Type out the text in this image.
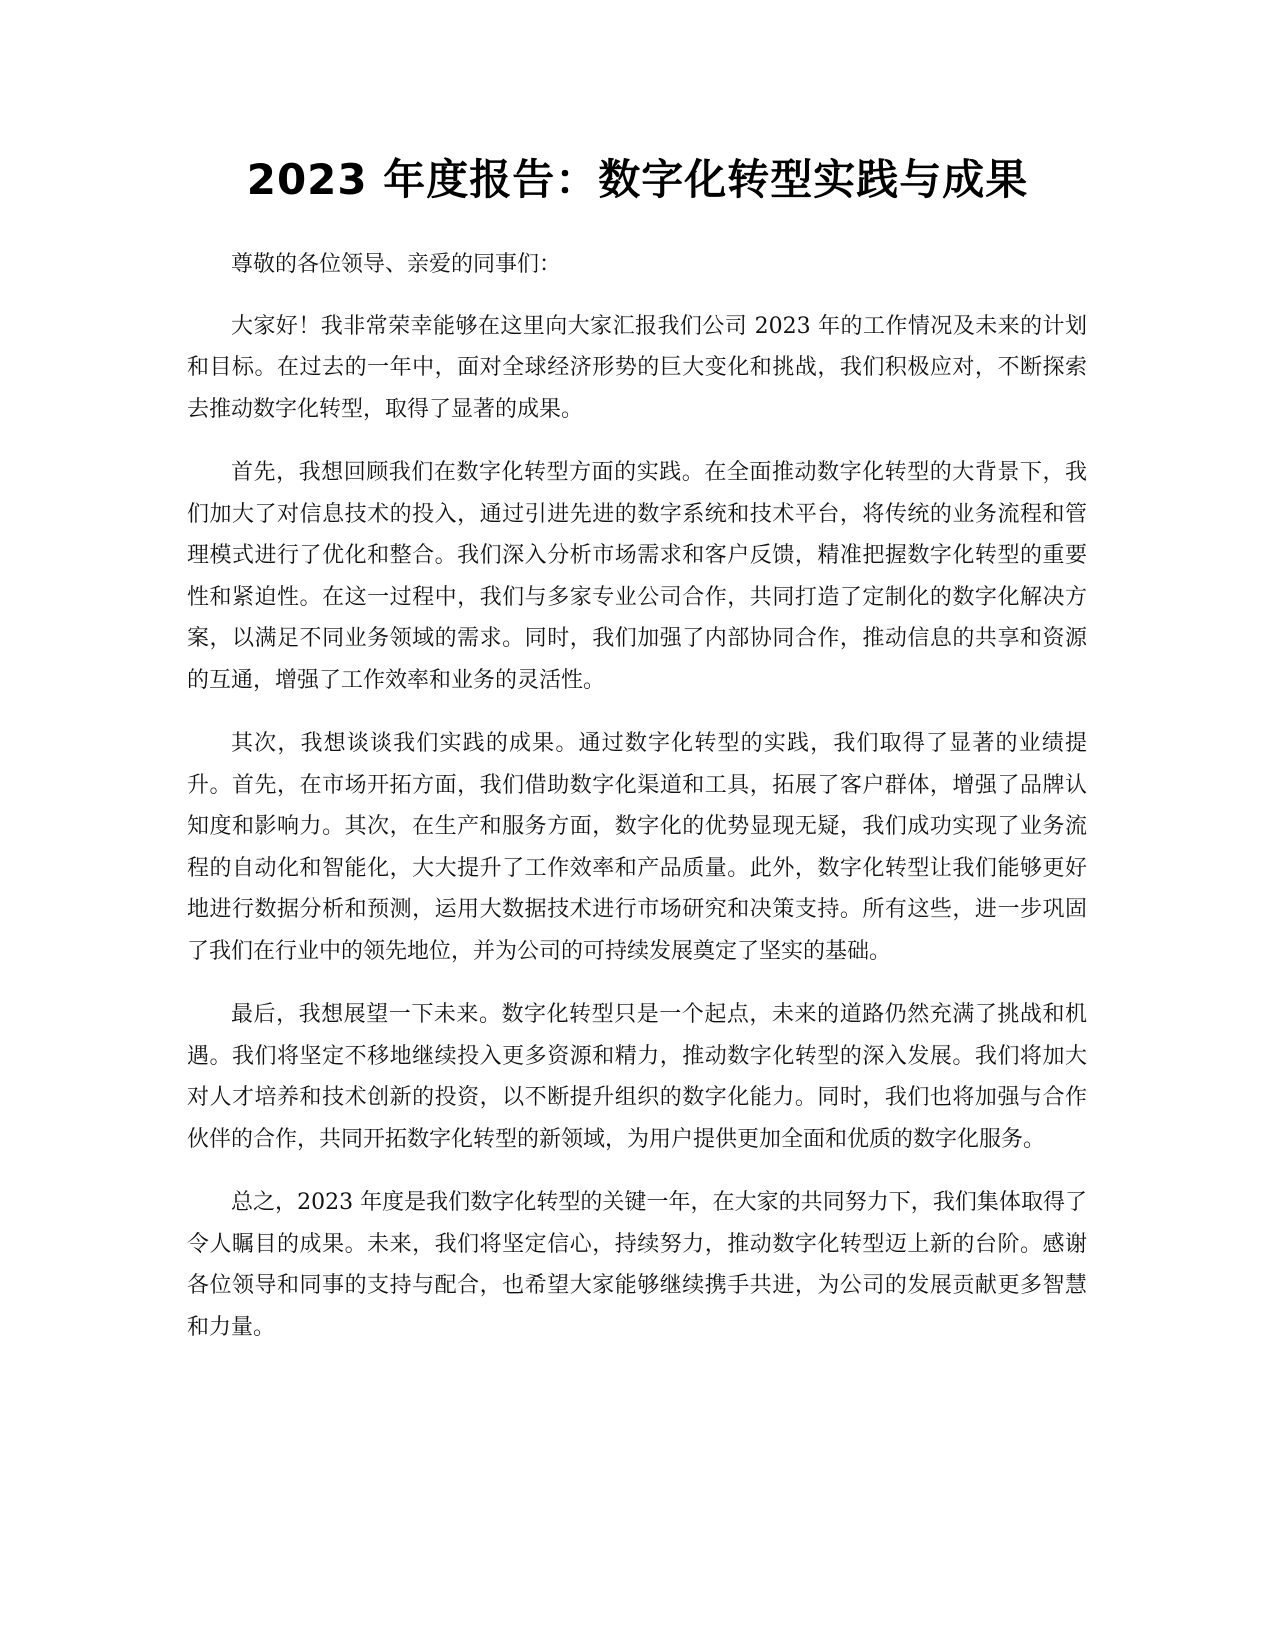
2023 年度报告：数字化转型实践与成果

尊敬的各位领导、亲爱的同事们：

大家好！我非常荣幸能够在这里向大家汇报我们公司 2023 年的工作情况及未来的计划和目标。在过去的一年中，面对全球经济形势的巨大变化和挑战，我们积极应对，不断探索去推动数字化转型，取得了显著的成果。

首先，我想回顾我们在数字化转型方面的实践。在全面推动数字化转型的大背景下，我们加大了对信息技术的投入，通过引进先进的数字系统和技术平台，将传统的业务流程和管理模式进行了优化和整合。我们深入分析市场需求和客户反馈，精准把握数字化转型的重要性和紧迫性。在这一过程中，我们与多家专业公司合作，共同打造了定制化的数字化解决方案，以满足不同业务领域的需求。同时，我们加强了内部协同合作，推动信息的共享和资源的互通，增强了工作效率和业务的灵活性。

其次，我想谈谈我们实践的成果。通过数字化转型的实践，我们取得了显著的业绩提升。首先，在市场开拓方面，我们借助数字化渠道和工具，拓展了客户群体，增强了品牌认知度和影响力。其次，在生产和服务方面，数字化的优势显现无疑，我们成功实现了业务流程的自动化和智能化，大大提升了工作效率和产品质量。此外，数字化转型让我们能够更好地进行数据分析和预测，运用大数据技术进行市场研究和决策支持。所有这些，进一步巩固了我们在行业中的领先地位，并为公司的可持续发展奠定了坚实的基础。

最后，我想展望一下未来。数字化转型只是一个起点，未来的道路仍然充满了挑战和机遇。我们将坚定不移地继续投入更多资源和精力，推动数字化转型的深入发展。我们将加大对人才培养和技术创新的投资，以不断提升组织的数字化能力。同时，我们也将加强与合作伙伴的合作，共同开拓数字化转型的新领域，为用户提供更加全面和优质的数字化服务。

总之，2023 年度是我们数字化转型的关键一年，在大家的共同努力下，我们集体取得了令人瞩目的成果。未来，我们将坚定信心，持续努力，推动数字化转型迈上新的台阶。感谢各位领导和同事的支持与配合，也希望大家能够继续携手共进，为公司的发展贡献更多智慧和力量。
